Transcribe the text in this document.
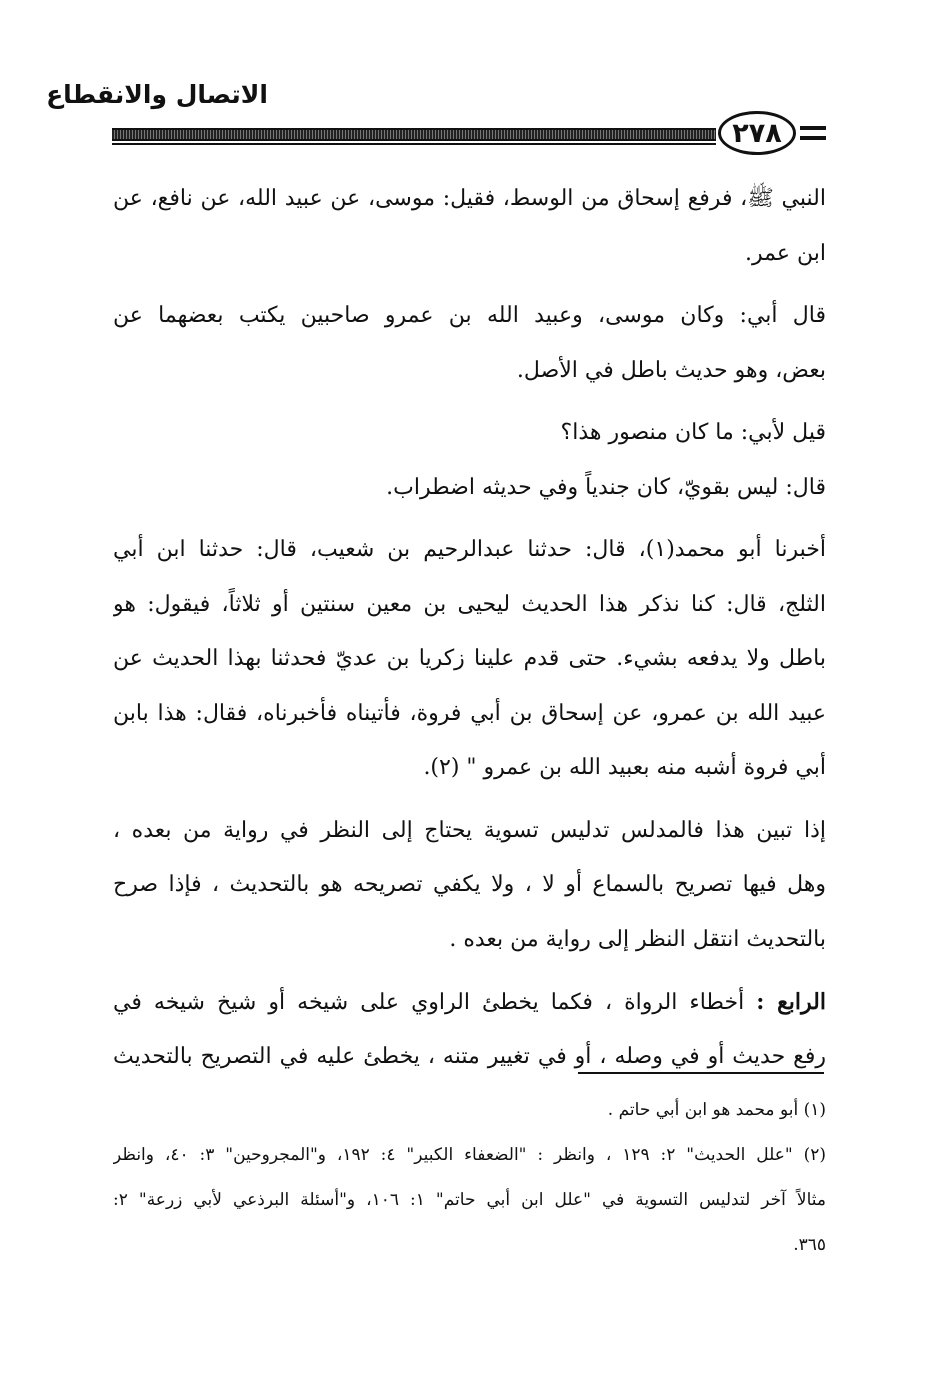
الاتصال والانقطاع
٢٧٨
النبي ﷺ، فرفع إسحاق من الوسط، فقيل: موسى، عن عبيد الله، عن نافع، عن
ابن عمر.
قال أبي: وكان موسى، وعبيد الله بن عمرو صاحبين يكتب بعضهما عن
بعض، وهو حديث باطل في الأصل.
قيل لأبي: ما كان منصور هذا؟
قال: ليس بقويّ، كان جندياً وفي حديثه اضطراب.
أخبرنا أبو محمد(١)، قال: حدثنا عبدالرحيم بن شعيب، قال: حدثنا ابن أبي
الثلج، قال: كنا نذكر هذا الحديث ليحيى بن معين سنتين أو ثلاثاً، فيقول: هو
باطل ولا يدفعه بشيء. حتى قدم علينا زكريا بن عديّ فحدثنا بهذا الحديث عن
عبيد الله بن عمرو، عن إسحاق بن أبي فروة، فأتيناه فأخبرناه، فقال: هذا بابن
أبي فروة أشبه منه بعبيد الله بن عمرو " (٢).
إذا تبين هذا فالمدلس تدليس تسوية يحتاج إلى النظر في رواية من بعده ،
وهل فيها تصريح بالسماع أو لا ، ولا يكفي تصريحه هو بالتحديث ، فإذا صرح
بالتحديث انتقل النظر إلى رواية من بعده .
الرابع : أخطاء الرواة ، فكما يخطئ الراوي على شيخه أو شيخ شيخه في
رفع حديث أو في وصله ، أو في تغيير متنه ، يخطئ عليه في التصريح بالتحديث
(١) أبو محمد هو ابن أبي حاتم .
(٢) "علل الحديث" ٢: ١٢٩ ، وانظر : "الضعفاء الكبير" ٤: ١٩٢، و"المجروحين" ٣: ٤٠، وانظر
مثالاً آخر لتدليس التسوية في "علل ابن أبي حاتم" ١: ١٠٦، و"أسئلة البرذعي لأبي زرعة" ٢:
٣٦٥.
